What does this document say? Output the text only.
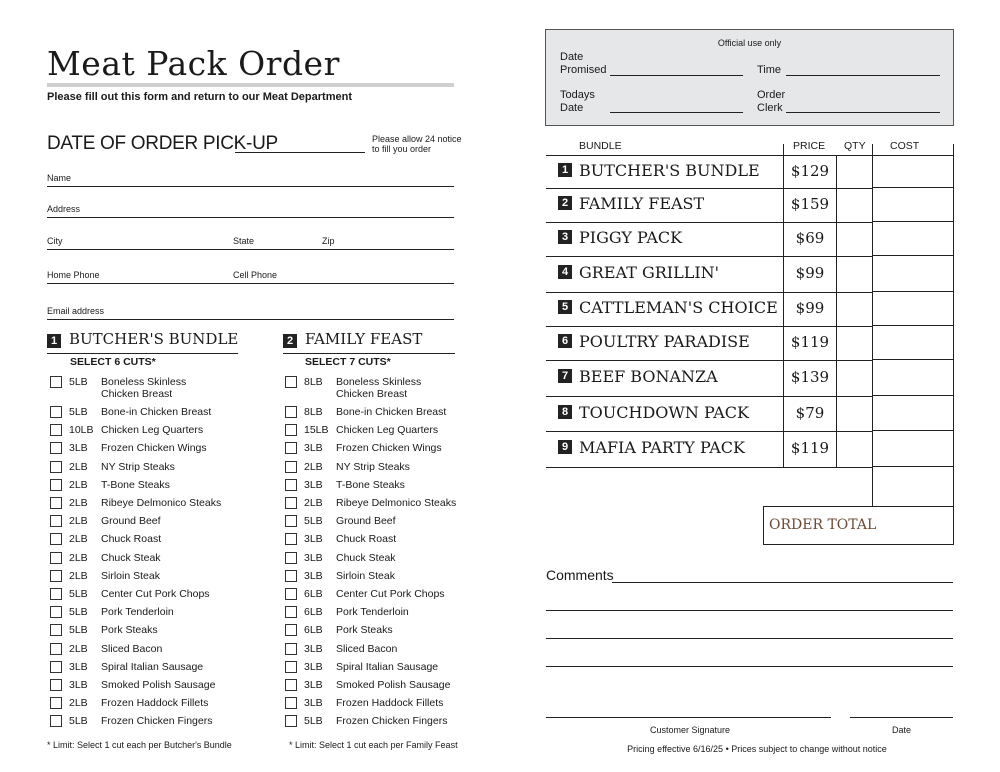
Meat Pack Order
Please fill out this form and return to our Meat Department
DATE OF ORDER PICK-UP	Please allow 24 notice
to fill you order
Name
Address
City	State	Zip
Home Phone	Cell Phone
Email address
1 BUTCHER'S BUNDLE
SELECT 6 CUTS*
5LB Boneless Skinless
Chicken Breast
5LB Bone-in Chicken Breast
10LB Chicken Leg Quarters
3LB Frozen Chicken Wings
2LB NY Strip Steaks
2LB T-Bone Steaks
2LB Ribeye Delmonico Steaks
2LB Ground Beef
2LB Chuck Roast
2LB Chuck Steak
2LB Sirloin Steak
5LB Center Cut Pork Chops
5LB Pork Tenderloin
5LB Pork Steaks
2LB Sliced Bacon
3LB Spiral Italian Sausage
3LB Smoked Polish Sausage
2LB Frozen Haddock Fillets
5LB Frozen Chicken Fingers
* Limit: Select 1 cut each per Butcher's Bundle
2 FAMILY FEAST
SELECT 7 CUTS*
8LB Boneless Skinless
Chicken Breast
8LB Bone-in Chicken Breast
15LB Chicken Leg Quarters
3LB Frozen Chicken Wings
2LB NY Strip Steaks
3LB T-Bone Steaks
2LB Ribeye Delmonico Steaks
5LB Ground Beef
3LB Chuck Roast
3LB Chuck Steak
3LB Sirloin Steak
6LB Center Cut Pork Chops
6LB Pork Tenderloin
6LB Pork Steaks
3LB Sliced Bacon
3LB Spiral Italian Sausage
3LB Smoked Polish Sausage
3LB Frozen Haddock Fillets
5LB Frozen Chicken Fingers
* Limit: Select 1 cut each per Family Feast
Official use only
Date
Promised	Time
Todays
Date
Order
Clerk
BUNDLE	PRICE QTY COST
1 BUTCHER'S BUNDLE	$129
2 FAMILY FEAST	$159
3 PIGGY PACK	$69
4 GREAT GRILLIN'	$99
5 CATTLEMAN'S CHOICE	$99
6 POULTRY PARADISE	$119
7 BEEF BONANZA	$139
8 TOUCHDOWN PACK	$79
9 MAFIA PARTY PACK	$119
ORDER TOTAL
Comments
Customer Signature	Date
Pricing effective 6/16/25 • Prices subject to change without notice
